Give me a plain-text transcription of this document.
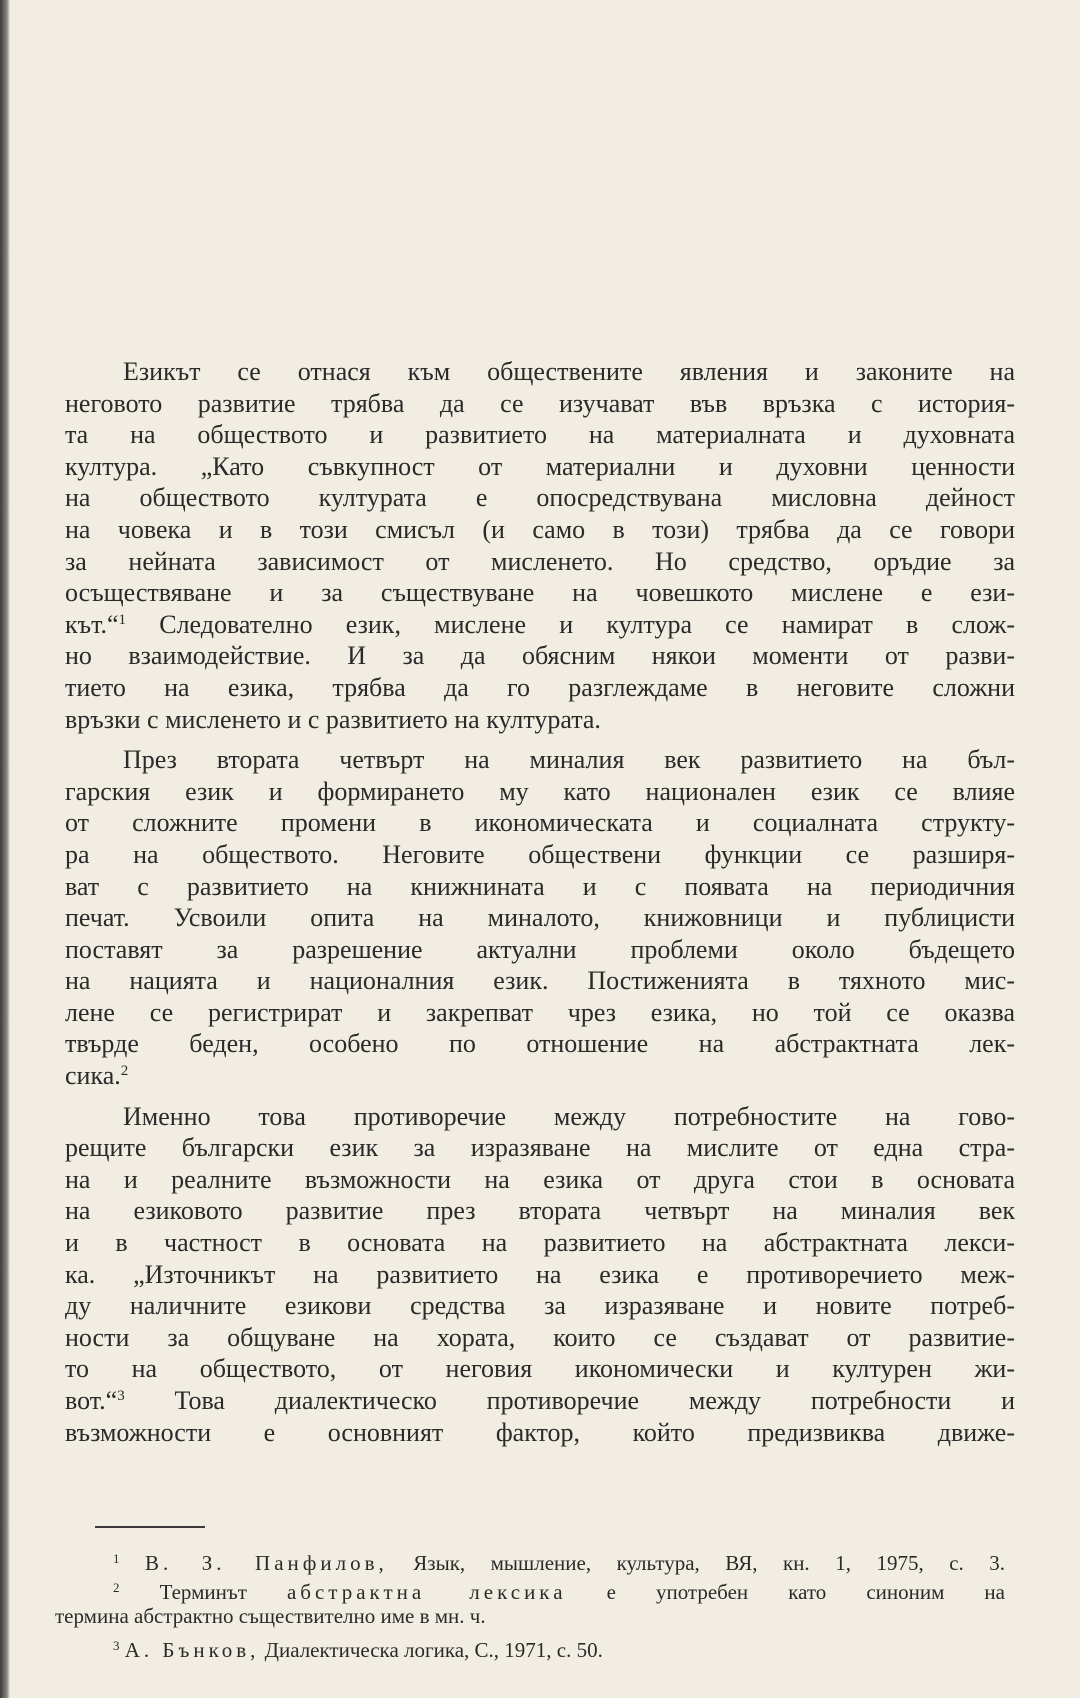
Езикът се отнася към обществените явления и законите на
неговото развитие трябва да се изучават във връзка с история-
та на обществото и развитието на материалната и духовната
култура. „Като съвкупност от материални и духовни ценности
на обществото културата е опосредствувана мисловна дейност
на човека и в този смисъл (и само в този) трябва да се говори
за нейната зависимост от мисленето. Но средство, оръдие за
осъществяване и за съществуване на човешкото мислене е ези-
кът.“$^1$ Следователно език, мислене и култура се намират в слож-
нo взаимодействие. И за да обясним някои моменти от разви-
тието на езика, трябва да го разглеждаме в неговите сложни
връзки с мисленето и с развитието на културата.
През втората четвърт на миналия век развитието на бъл-
гарския език и формирането му като национален език се влияе
от сложните промени в икономическата и социалната структу-
ра на обществото. Неговите обществени функции се разширя-
ват с развитието на книжнината и с появата на периодичния
печат. Усвоили опита на миналото, книжовници и публицисти
поставят за разрешение актуални проблеми около бъдещето
на нацията и националния език. Постиженията в тяхното мис-
лене се регистрират и закрепват чрез езика, но той се оказва
твърде беден, особено по отношение на абстрактната лек-
сика.$^2$
Именно това противоречие между потребностите на гово-
рещите български език за изразяване на мислите от една стра-
на и реалните възможности на езика от друга стои в основата
на езиковото развитие през втората четвърт на миналия век
и в частност в основата на развитието на абстрактната лекси-
ка. „Източникът на развитието на езика е противоречието меж-
ду наличните езикови средства за изразяване и новите потреб-
ности за общуване на хората, които се създават от развитие-
то на обществото, от неговия икономически и културен жи-
вот.“$^3$ Това диалектическо противоречие между потребности и
възможности е основният фактор, който предизвиква движе-
$^1$ В. З. Панфилов, Язык, мышление, культура, ВЯ, кн. 1, 1975, с. 3.
$^2$ Терминът абстрактна лексика е употребен като синоним на
термина абстрактно съществително име в мн. ч.
$^3$ А. Бънков, Диалектическа логика, С., 1971, с. 50.
